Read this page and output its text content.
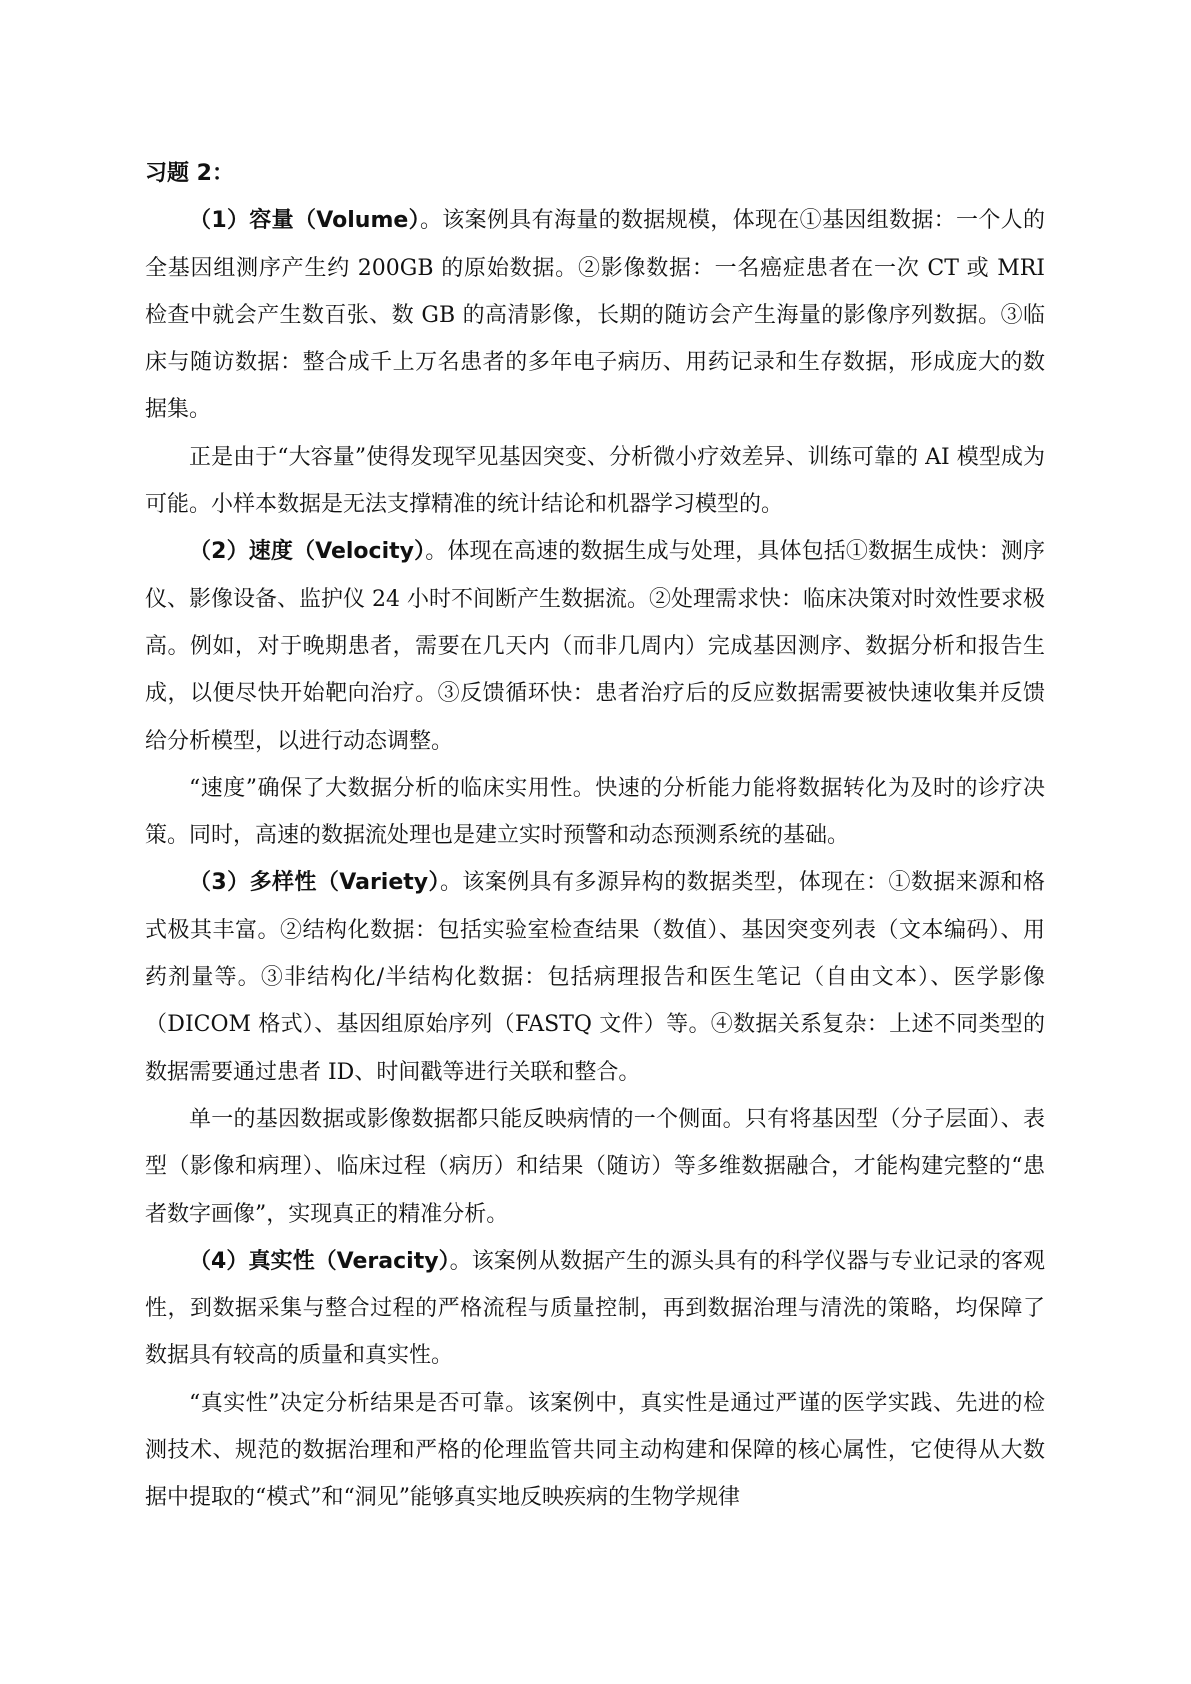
习题 2：

（1）容量（Volume）。该案例具有海量的数据规模，体现在①基因组数据：一个人的全基因组测序产生约 200GB 的原始数据。②影像数据：一名癌症患者在一次 CT 或 MRI 检查中就会产生数百张、数 GB 的高清影像，长期的随访会产生海量的影像序列数据。③临床与随访数据：整合成千上万名患者的多年电子病历、用药记录和生存数据，形成庞大的数据集。

正是由于“大容量”使得发现罕见基因突变、分析微小疗效差异、训练可靠的 AI 模型成为可能。小样本数据是无法支撑精准的统计结论和机器学习模型的。

（2）速度（Velocity）。体现在高速的数据生成与处理，具体包括①数据生成快：测序仪、影像设备、监护仪 24 小时不间断产生数据流。②处理需求快：临床决策对时效性要求极高。例如，对于晚期患者，需要在几天内（而非几周内）完成基因测序、数据分析和报告生成，以便尽快开始靶向治疗。③反馈循环快：患者治疗后的反应数据需要被快速收集并反馈给分析模型，以进行动态调整。

“速度”确保了大数据分析的临床实用性。快速的分析能力能将数据转化为及时的诊疗决策。同时，高速的数据流处理也是建立实时预警和动态预测系统的基础。

（3）多样性（Variety）。该案例具有多源异构的数据类型，体现在：①数据来源和格式极其丰富。②结构化数据：包括实验室检查结果（数值）、基因突变列表（文本编码）、用药剂量等。③非结构化/半结构化数据：包括病理报告和医生笔记（自由文本）、医学影像（DICOM 格式）、基因组原始序列（FASTQ 文件）等。④数据关系复杂：上述不同类型的数据需要通过患者 ID、时间戳等进行关联和整合。

单一的基因数据或影像数据都只能反映病情的一个侧面。只有将基因型（分子层面）、表型（影像和病理）、临床过程（病历）和结果（随访）等多维数据融合，才能构建完整的“患者数字画像”，实现真正的精准分析。

（4）真实性（Veracity）。该案例从数据产生的源头具有的科学仪器与专业记录的客观性，到数据采集与整合过程的严格流程与质量控制，再到数据治理与清洗的策略，均保障了数据具有较高的质量和真实性。

“真实性”决定分析结果是否可靠。该案例中，真实性是通过严谨的医学实践、先进的检测技术、规范的数据治理和严格的伦理监管共同主动构建和保障的核心属性，它使得从大数据中提取的“模式”和“洞见”能够真实地反映疾病的生物学规律
